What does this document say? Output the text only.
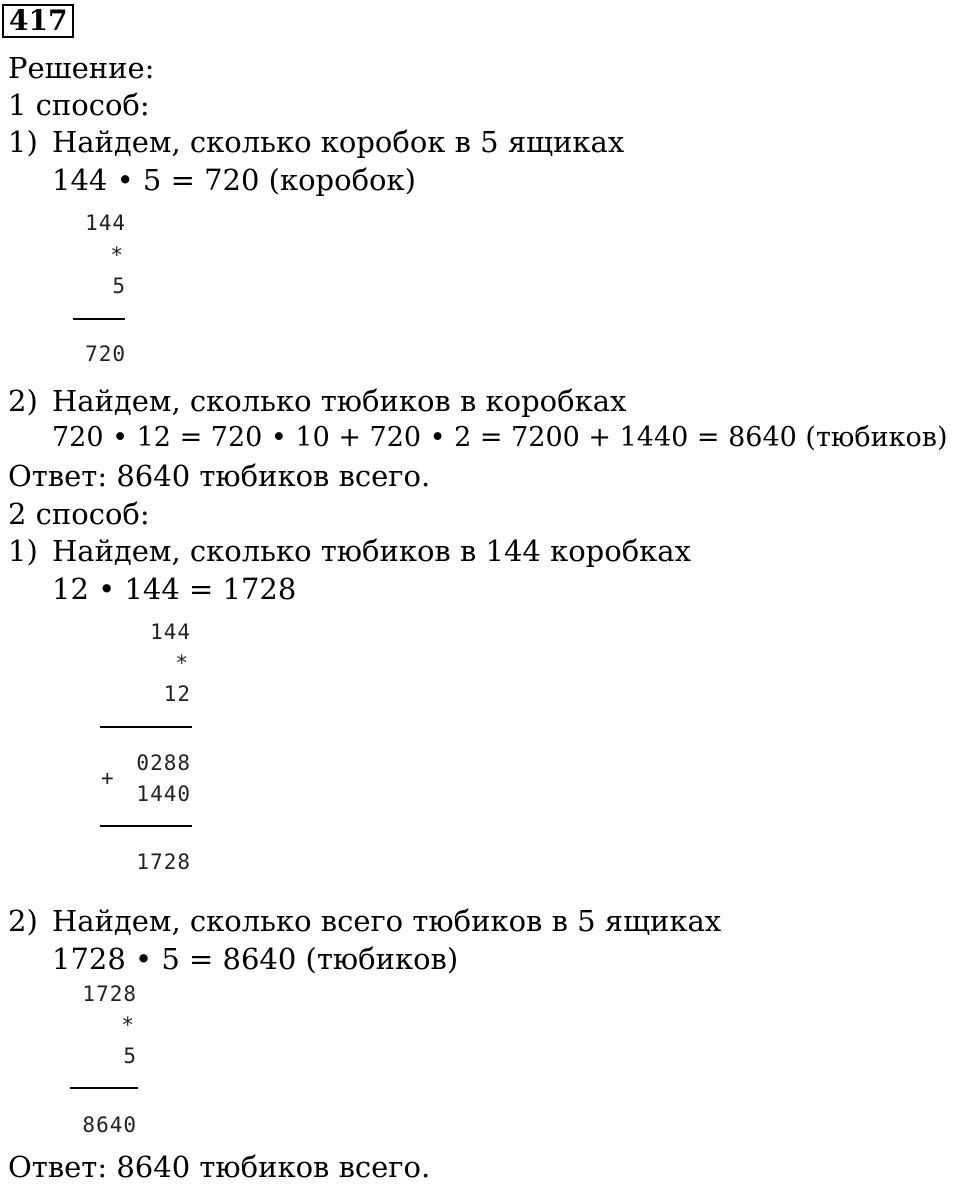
417
Решение:
1 способ:
1) Найдем, сколько коробок в 5 ящиках
144 • 5 = 720 (коробок)
144
*
5
720
2) Найдем, сколько тюбиков в коробках
720 • 12 = 720 • 10 + 720 • 2 = 7200 + 1440 = 8640 (тюбиков)
Ответ: 8640 тюбиков всего.
2 способ:
1) Найдем, сколько тюбиков в 144 коробках
12 • 144 = 1728
144
*
12
+
0288
1440
1728
2) Найдем, сколько всего тюбиков в 5 ящиках
1728 • 5 = 8640 (тюбиков)
1728
*
5
8640
Ответ: 8640 тюбиков всего.
